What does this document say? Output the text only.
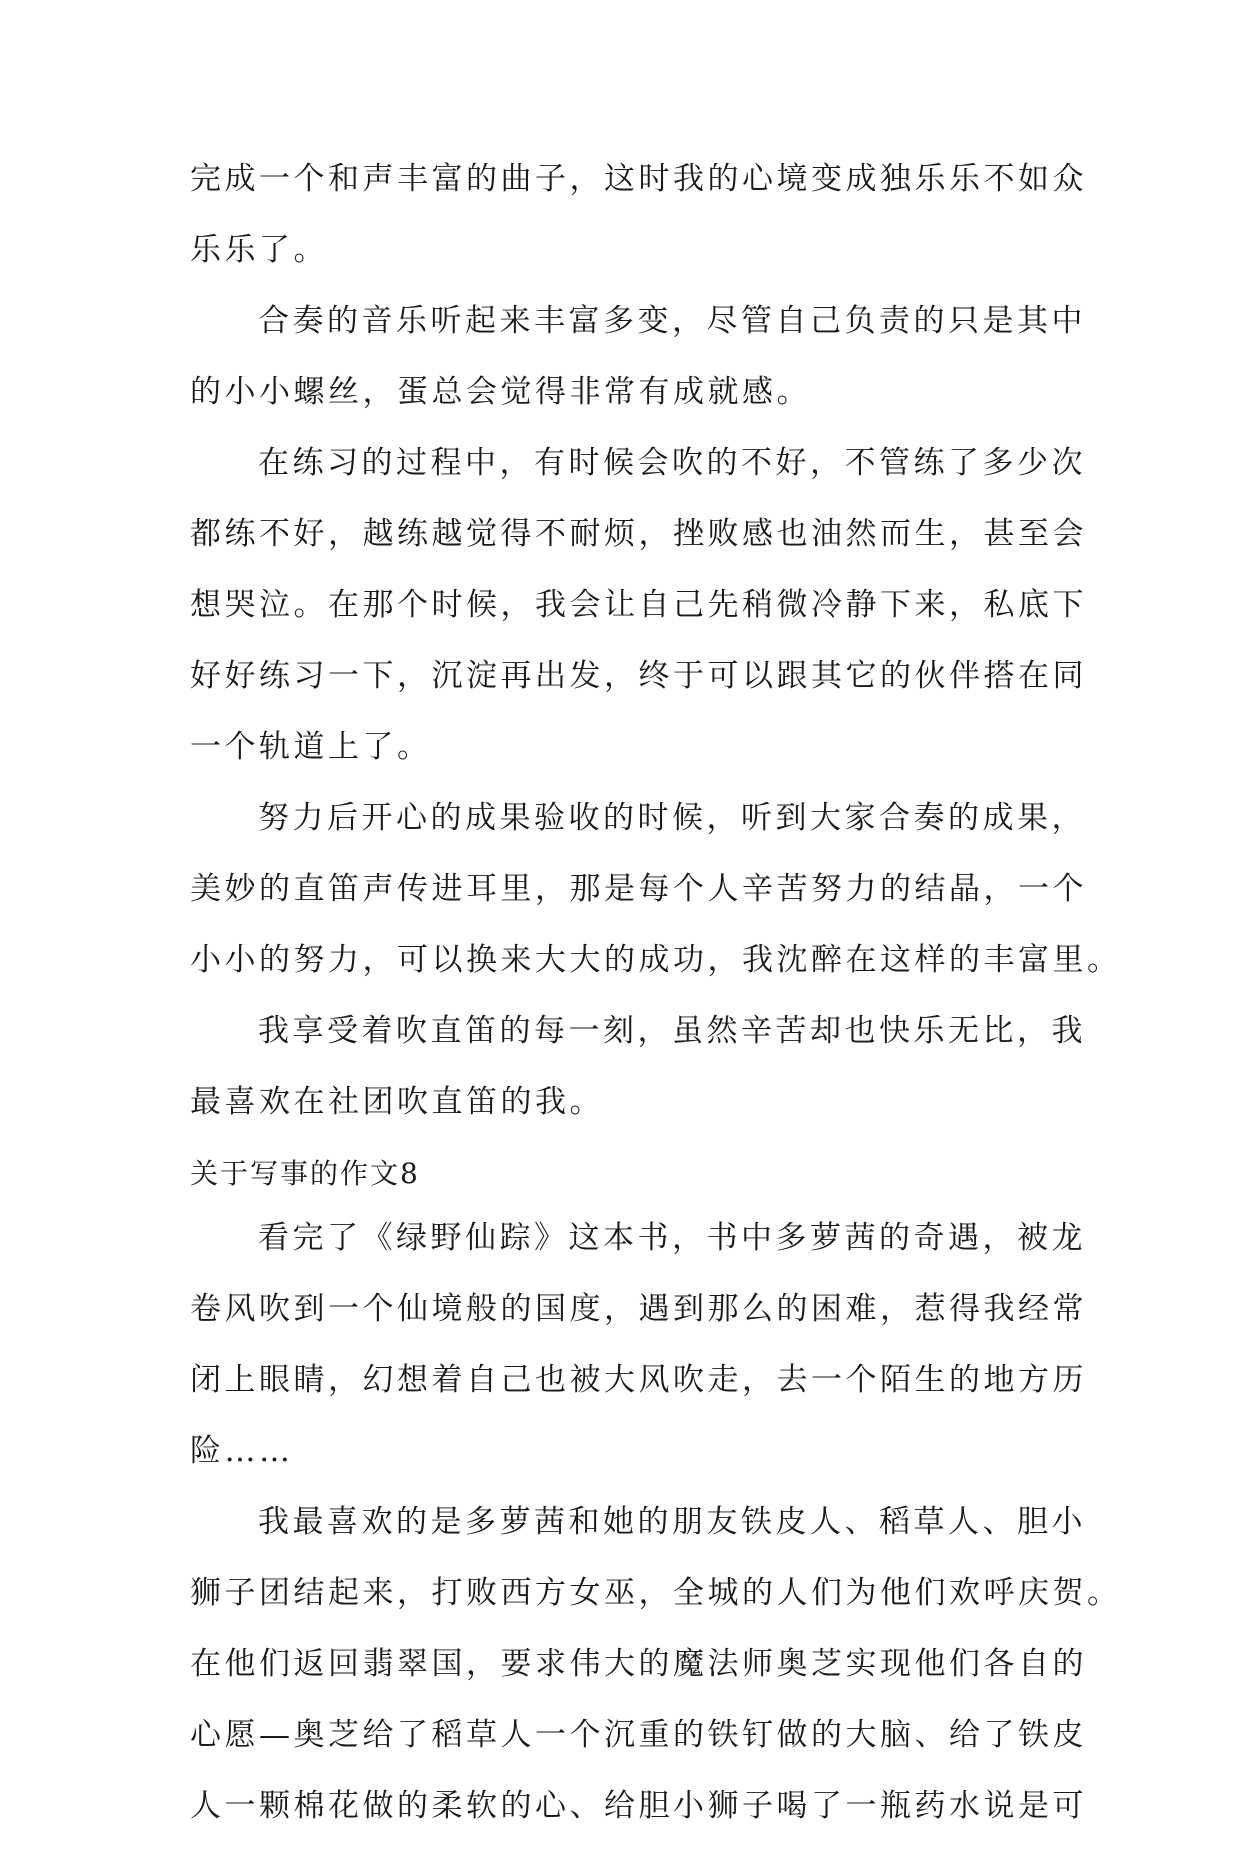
完成一个和声丰富的曲子，这时我的心境变成独乐乐不如众
乐乐了。
合奏的音乐听起来丰富多变，尽管自己负责的只是其中
的小小螺丝，蛋总会觉得非常有成就感。
在练习的过程中，有时候会吹的不好，不管练了多少次
都练不好，越练越觉得不耐烦，挫败感也油然而生，甚至会
想哭泣。在那个时候，我会让自己先稍微冷静下来，私底下
好好练习一下，沉淀再出发，终于可以跟其它的伙伴搭在同
一个轨道上了。
努力后开心的成果验收的时候，听到大家合奏的成果，
美妙的直笛声传进耳里，那是每个人辛苦努力的结晶，一个
小小的努力，可以换来大大的成功，我沈醉在这样的丰富里。
我享受着吹直笛的每一刻，虽然辛苦却也快乐无比，我
最喜欢在社团吹直笛的我。
关于写事的作文8
看完了《绿野仙踪》这本书，书中多萝茜的奇遇，被龙
卷风吹到一个仙境般的国度，遇到那么的困难，惹得我经常
闭上眼睛，幻想着自己也被大风吹走，去一个陌生的地方历
险……
我最喜欢的是多萝茜和她的朋友铁皮人、稻草人、胆小
狮子团结起来，打败西方女巫，全城的人们为他们欢呼庆贺。
在他们返回翡翠国，要求伟大的魔法师奥芝实现他们各自的
心愿—奥芝给了稻草人一个沉重的铁钉做的大脑、给了铁皮
人一颗棉花做的柔软的心、给胆小狮子喝了一瓶药水说是可
